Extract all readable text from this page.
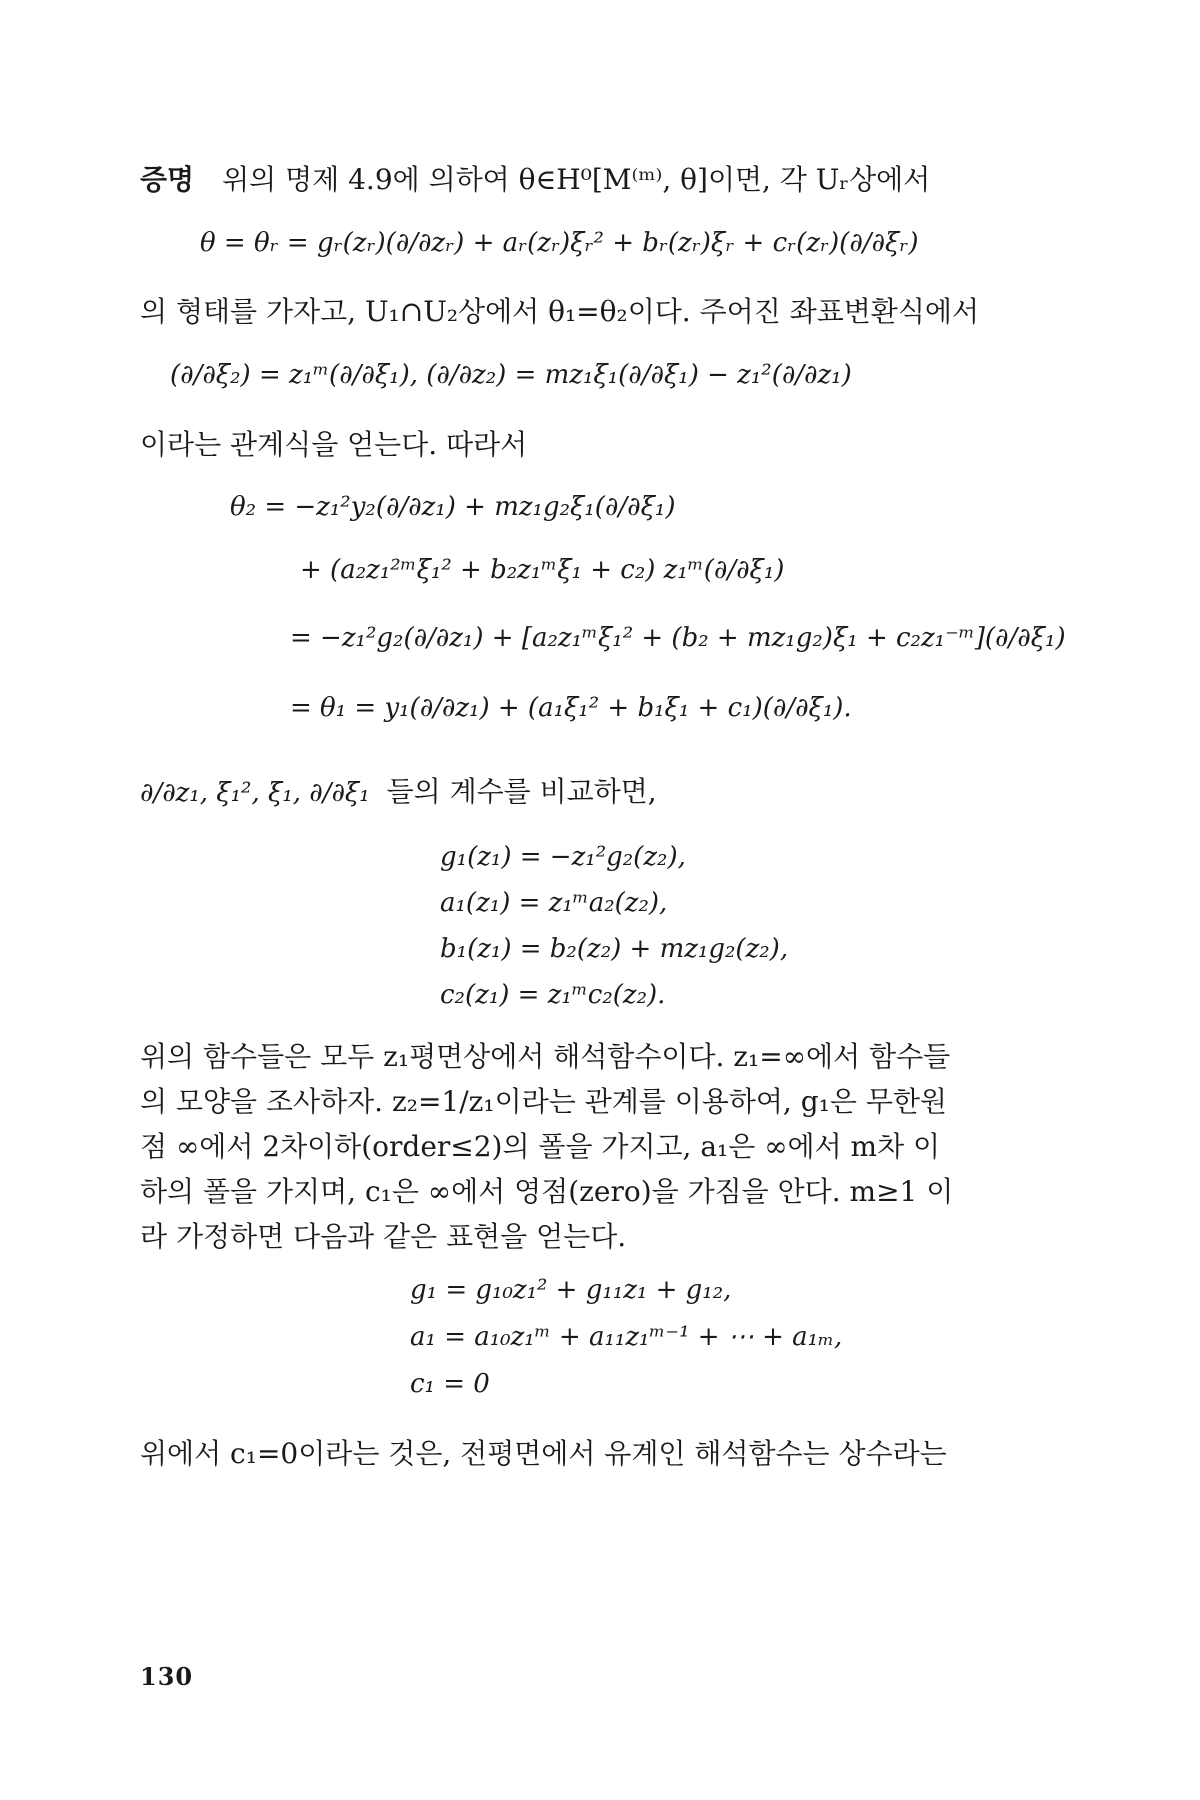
증명 위의 명제 4.9에 의하여 θ∈H⁰[M⁽ᵐ⁾, θ]이면, 각 Uᵣ상에서
θ = θᵣ = gᵣ(zᵣ)(∂/∂zᵣ) + aᵣ(zᵣ)ξᵣ² + bᵣ(zᵣ)ξᵣ + cᵣ(zᵣ)(∂/∂ξᵣ)
의 형태를 가자고, U₁∩U₂상에서 θ₁=θ₂이다. 주어진 좌표변환식에서
(∂/∂ξ₂) = z₁ᵐ(∂/∂ξ₁), (∂/∂z₂) = mz₁ξ₁(∂/∂ξ₁) − z₁²(∂/∂z₁)
이라는 관계식을 얻는다. 따라서
θ₂ = −z₁²y₂(∂/∂z₁) + mz₁g₂ξ₁(∂/∂ξ₁)
+ (a₂z₁²ᵐξ₁² + b₂z₁ᵐξ₁ + c₂) z₁ᵐ(∂/∂ξ₁)
= −z₁²g₂(∂/∂z₁) + [a₂z₁ᵐξ₁² + (b₂ + mz₁g₂)ξ₁ + c₂z₁⁻ᵐ](∂/∂ξ₁)
= θ₁ = y₁(∂/∂z₁) + (a₁ξ₁² + b₁ξ₁ + c₁)(∂/∂ξ₁).
∂/∂z₁, ξ₁², ξ₁, ∂/∂ξ₁ 들의 계수를 비교하면,
g₁(z₁) = −z₁²g₂(z₂),
a₁(z₁) = z₁ᵐa₂(z₂),
b₁(z₁) = b₂(z₂) + mz₁g₂(z₂),
c₂(z₁) = z₁ᵐc₂(z₂).
위의 함수들은 모두 z₁평면상에서 해석함수이다. z₁=∞에서 함수들
의 모양을 조사하자. z₂=1/z₁이라는 관계를 이용하여, g₁은 무한원
점 ∞에서 2차이하(order≤2)의 폴을 가지고, a₁은 ∞에서 m차 이
하의 폴을 가지며, c₁은 ∞에서 영점(zero)을 가짐을 안다. m≥1 이
라 가정하면 다음과 같은 표현을 얻는다.
g₁ = g₁₀z₁² + g₁₁z₁ + g₁₂,
a₁ = a₁₀z₁ᵐ + a₁₁z₁ᵐ⁻¹ + ⋯ + a₁ₘ,
c₁ = 0
위에서 c₁=0이라는 것은, 전평면에서 유계인 해석함수는 상수라는
130
